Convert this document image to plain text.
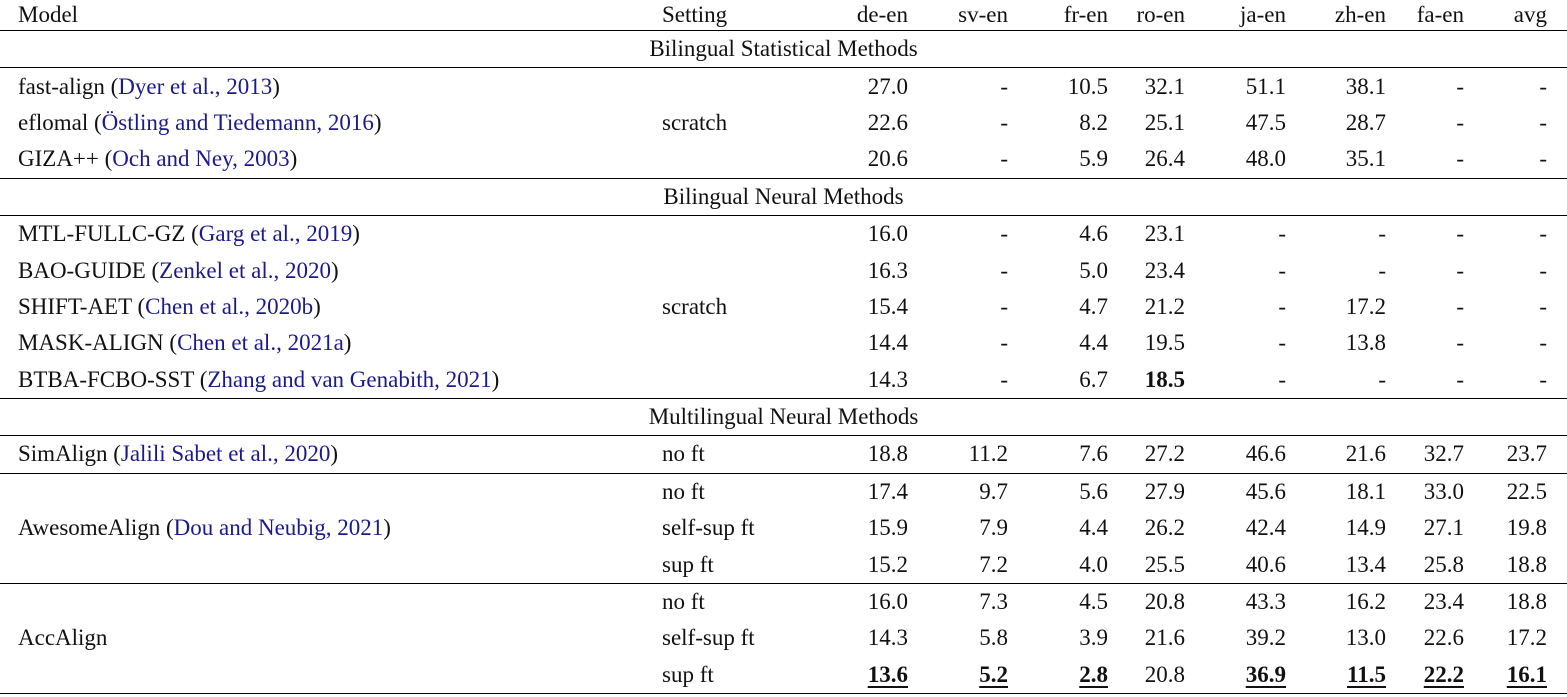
Model	Setting	de-en	sv-en	fr-en	ro-en	ja-en	zh-en	fa-en	avg	
Bilingual Statistical Methods										
fast-align (Dyer et al., 2013)	scratch	27.0	-	10.5	32.1	51.1	38.1	-	-	
eflomal (Östling and Tiedemann, 2016)		22.6	-	8.2	25.1	47.5	28.7	-	-	
GIZA++ (Och and Ney, 2003)		20.6	-	5.9	26.4	48.0	35.1	-	-	
Bilingual Neural Methods										
MTL-FULLC-GZ (Garg et al., 2019)	scratch	16.0	-	4.6	23.1	-	-	-	-	
BAO-GUIDE (Zenkel et al., 2020)		16.3	-	5.0	23.4	-	-	-	-	
SHIFT-AET (Chen et al., 2020b)		15.4	-	4.7	21.2	-	17.2	-	-	
MASK-ALIGN (Chen et al., 2021a)		14.4	-	4.4	19.5	-	13.8	-	-	
BTBA-FCBO-SST (Zhang and van Genabith, 2021)		14.3	-	6.7	18.5	-	-	-	-	
Multilingual Neural Methods										
SimAlign (Jalili Sabet et al., 2020)	no ft	18.8	11.2	7.6	27.2	46.6	21.6	32.7	23.7	
AwesomeAlign (Dou and Neubig, 2021)	no ft	17.4	9.7	5.6	27.9	45.6	18.1	33.0	22.5	
	self-sup ft	15.9	7.9	4.4	26.2	42.4	14.9	27.1	19.8	
	sup ft	15.2	7.2	4.0	25.5	40.6	13.4	25.8	18.8	
AccAlign	no ft	16.0	7.3	4.5	20.8	43.3	16.2	23.4	18.8	
	self-sup ft	14.3	5.8	3.9	21.6	39.2	13.0	22.6	17.2	
	sup ft	13.6	5.2	2.8	20.8	36.9	11.5	22.2	16.1	
